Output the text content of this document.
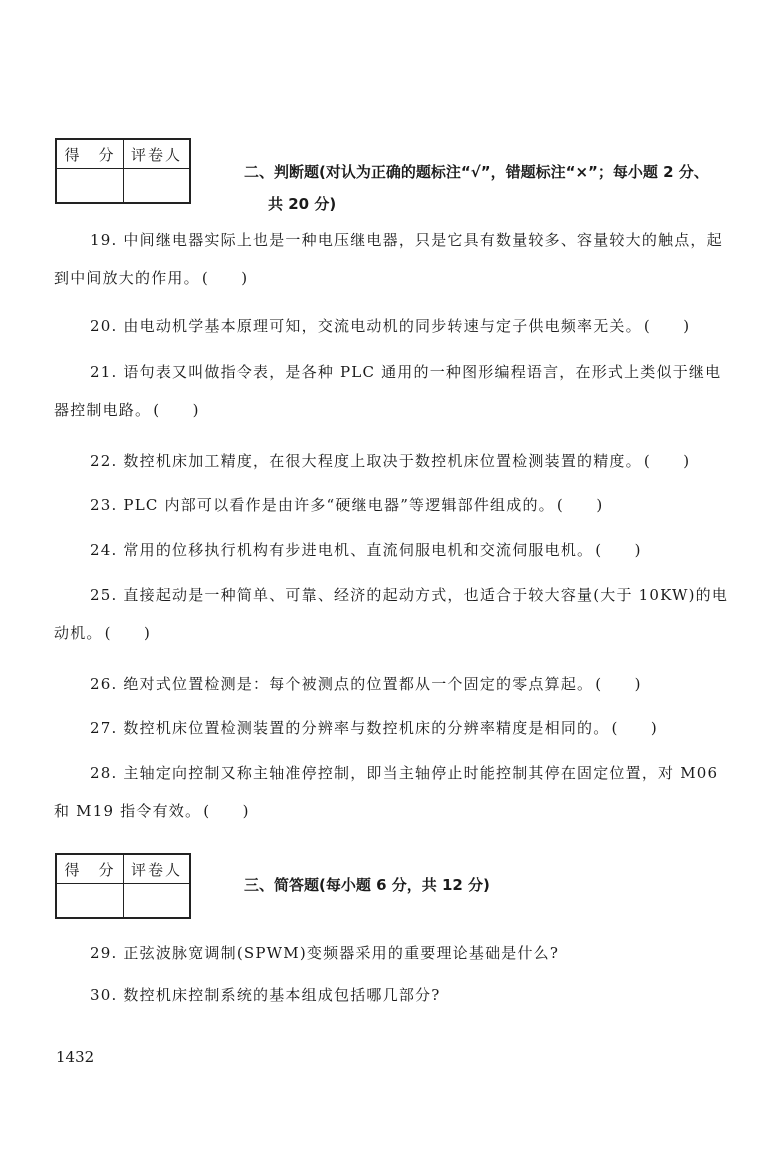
得　分	评卷人

二、判断题(对认为正确的题标注“√”，错题标注“×”；每小题 2 分、

共 20 分)

19. 中间继电器实际上也是一种电压继电器，只是它具有数量较多、容量较大的触点，起到中间放大的作用。 (　　)

20. 由电动机学基本原理可知，交流电动机的同步转速与定子供电频率无关。 (　　)

21. 语句表又叫做指令表，是各种 PLC 通用的一种图形编程语言，在形式上类似于继电器控制电路。 (　　)

22. 数控机床加工精度，在很大程度上取决于数控机床位置检测装置的精度。 (　　)

23. PLC 内部可以看作是由许多“硬继电器”等逻辑部件组成的。 (　　)

24. 常用的位移执行机构有步进电机、直流伺服电机和交流伺服电机。 (　　)

25. 直接起动是一种简单、可靠、经济的起动方式，也适合于较大容量(大于 10KW)的电动机。 (　　)

26. 绝对式位置检测是：每个被测点的位置都从一个固定的零点算起。 (　　)

27. 数控机床位置检测装置的分辨率与数控机床的分辨率精度是相同的。 (　　)

28. 主轴定向控制又称主轴准停控制，即当主轴停止时能控制其停在固定位置，对 M06 和 M19 指令有效。 (　　)

得　分	评卷人

三、简答题(每小题 6 分，共 12 分)

29. 正弦波脉宽调制(SPWM)变频器采用的重要理论基础是什么?

30. 数控机床控制系统的基本组成包括哪几部分?

1432
